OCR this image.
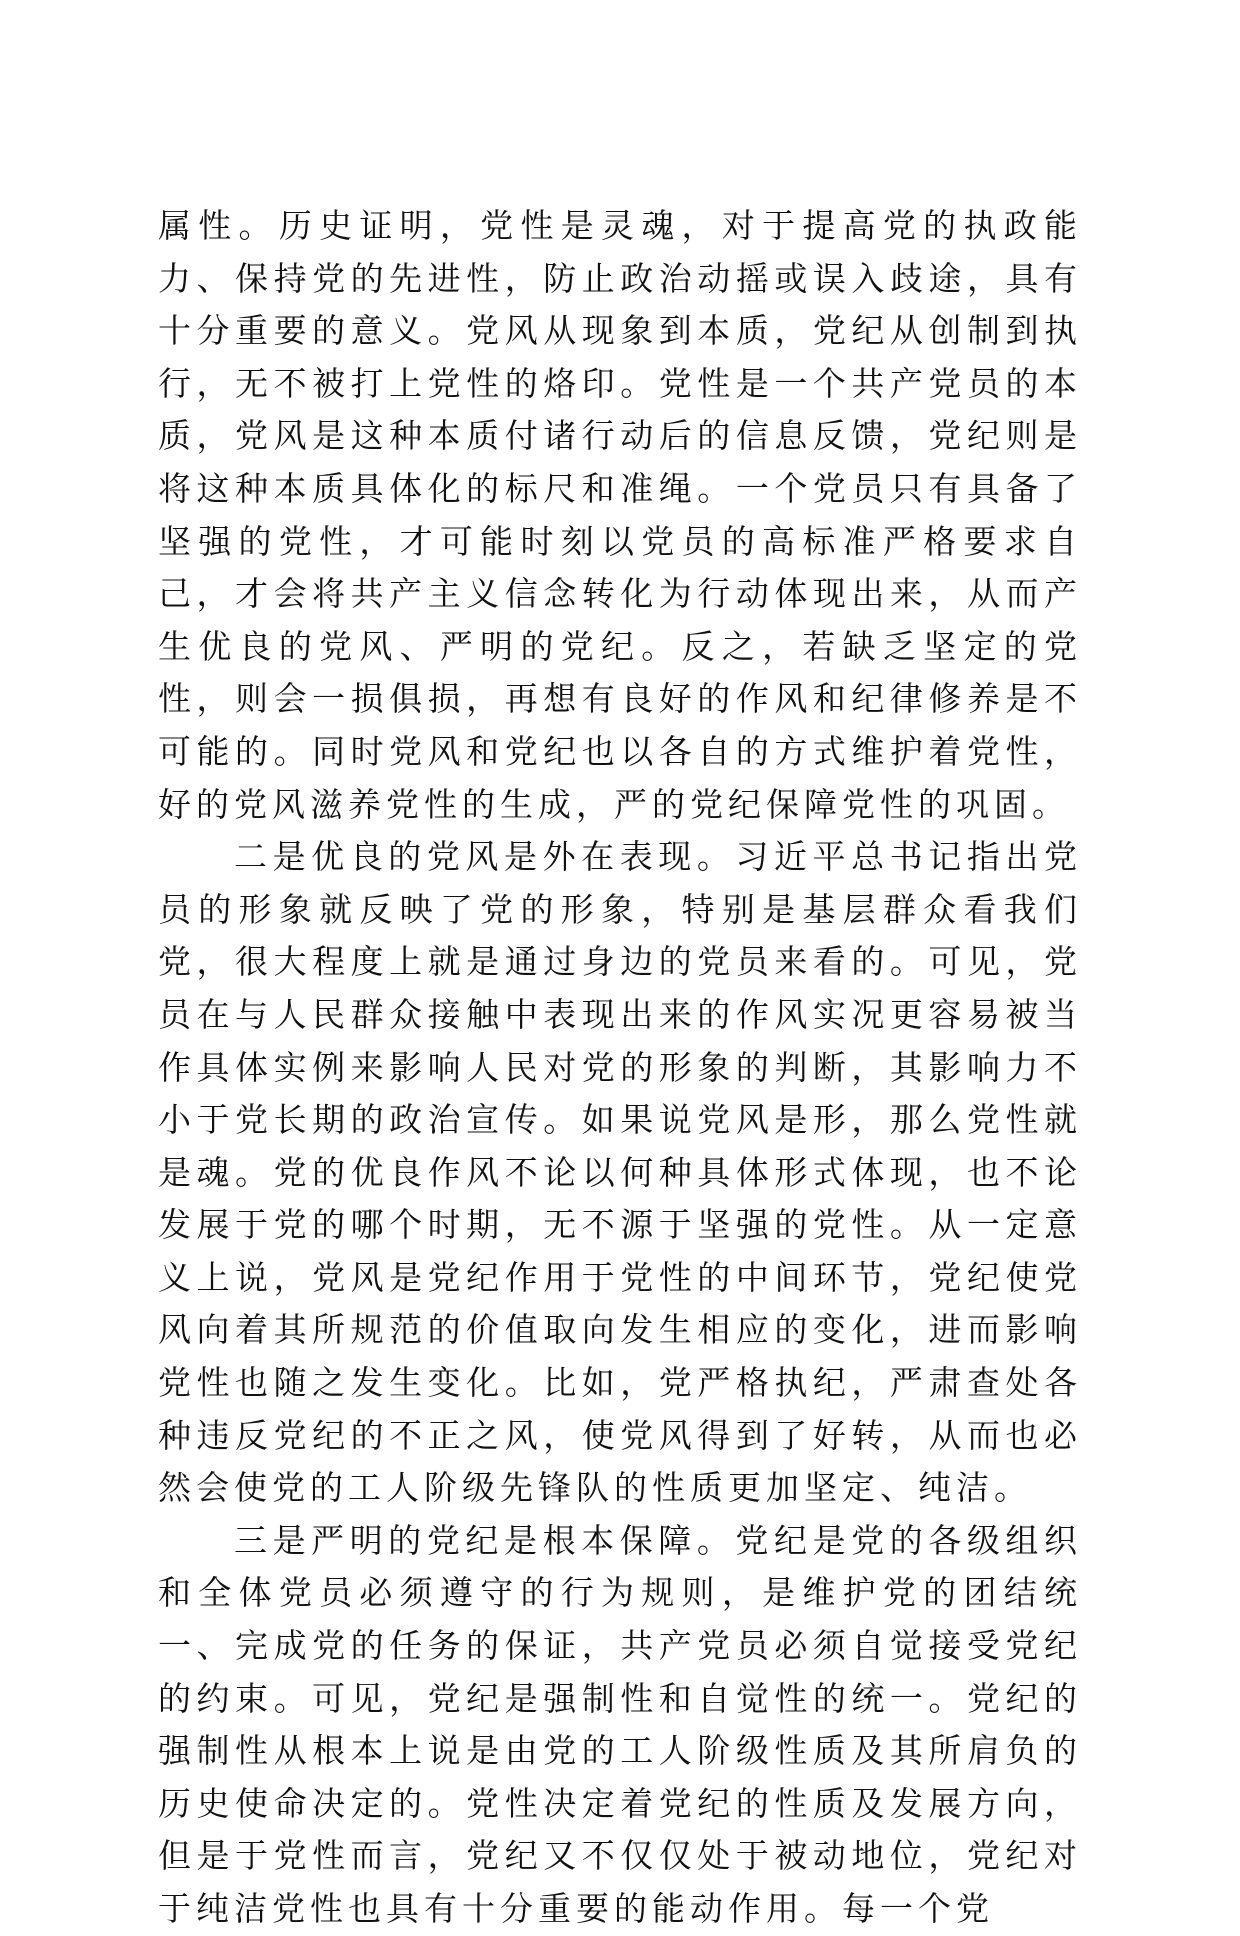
属性。历史证明，党性是灵魂，对于提高党的执政能力、保持党的先进性，防止政治动摇或误入歧途，具有十分重要的意义。党风从现象到本质，党纪从创制到执行，无不被打上党性的烙印。党性是一个共产党员的本质，党风是这种本质付诸行动后的信息反馈，党纪则是将这种本质具体化的标尺和准绳。一个党员只有具备了坚强的党性，才可能时刻以党员的高标准严格要求自己，才会将共产主义信念转化为行动体现出来，从而产生优良的党风、严明的党纪。反之，若缺乏坚定的党性，则会一损俱损，再想有良好的作风和纪律修养是不可能的。同时党风和党纪也以各自的方式维护着党性，好的党风滋养党性的生成，严的党纪保障党性的巩固。

二是优良的党风是外在表现。习近平总书记指出党员的形象就反映了党的形象，特别是基层群众看我们党，很大程度上就是通过身边的党员来看的。可见，党员在与人民群众接触中表现出来的作风实况更容易被当作具体实例来影响人民对党的形象的判断，其影响力不小于党长期的政治宣传。如果说党风是形，那么党性就是魂。党的优良作风不论以何种具体形式体现，也不论发展于党的哪个时期，无不源于坚强的党性。从一定意义上说，党风是党纪作用于党性的中间环节，党纪使党风向着其所规范的价值取向发生相应的变化，进而影响党性也随之发生变化。比如，党严格执纪，严肃查处各种违反党纪的不正之风，使党风得到了好转，从而也必然会使党的工人阶级先锋队的性质更加坚定、纯洁。

三是严明的党纪是根本保障。党纪是党的各级组织和全体党员必须遵守的行为规则，是维护党的团结统一、完成党的任务的保证，共产党员必须自觉接受党纪的约束。可见，党纪是强制性和自觉性的统一。党纪的强制性从根本上说是由党的工人阶级性质及其所肩负的历史使命决定的。党性决定着党纪的性质及发展方向，但是于党性而言，党纪又不仅仅处于被动地位，党纪对于纯洁党性也具有十分重要的能动作用。每一个党
